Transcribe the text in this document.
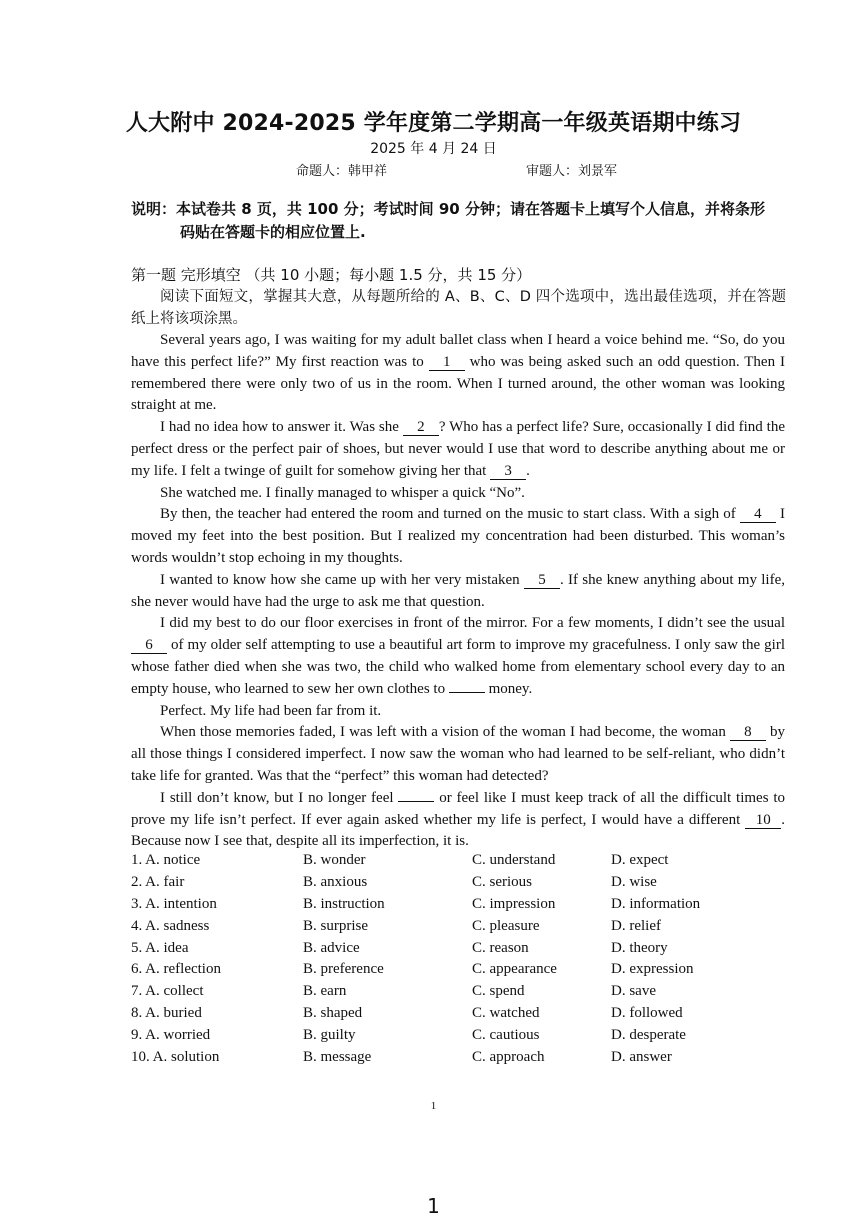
人大附中 2024-2025 学年度第二学期高一年级英语期中练习
2025 年 4 月 24 日
命题人：韩甲祥	审题人：刘景军
说明：本试卷共 8 页，共 100 分；考试时间 90 分钟；请在答题卡上填写个人信息，并将条形
码贴在答题卡的相应位置上.
第一题 完形填空 （共 10 小题；每小题 1.5 分，共 15 分）
阅读下面短文，掌握其大意，从每题所给的 A、B、C、D 四个选项中，选出最佳选项，并在答题纸上将该项涂黑。

Several years ago, I was waiting for my adult ballet class when I heard a voice behind me. “So, do you have this perfect life?” My first reaction was to 1 who was being asked such an odd question. Then I remembered there were only two of us in the room. When I turned around, the other woman was looking straight at me.

I had no idea how to answer it. Was she 2 ? Who has a perfect life? Sure, occasionally I did find the perfect dress or the perfect pair of shoes, but never would I use that word to describe anything about me or my life. I felt a twinge of guilt for somehow giving her that 3 .

She watched me. I finally managed to whisper a quick “No”.

By then, the teacher had entered the room and turned on the music to start class. With a sigh of 4 I moved my feet into the best position. But I realized my concentration had been disturbed. This woman’s words wouldn’t stop echoing in my thoughts.

I wanted to know how she came up with her very mistaken 5 . If she knew anything about my life, she never would have had the urge to ask me that question.

I did my best to do our floor exercises in front of the mirror. For a few moments, I didn’t see the usual 6 of my older self attempting to use a beautiful art form to improve my gracefulness. I only saw the girl whose father died when she was two, the child who walked home from elementary school every day to an empty house, who learned to sew her own clothes to	money.

Perfect. My life had been far from it.

When those memories faded, I was left with a vision of the woman I had become, the woman 8 by all those things I considered imperfect. I now saw the woman who had learned to be self-reliant, who didn’t take life for granted. Was that the “perfect” this woman had detected?

I still don’t know, but I no longer feel	or feel like I must keep track of all the difficult times to prove my life isn’t perfect. If ever again asked whether my life is perfect, I would have a different 10 . Because now I see that, despite all its imperfection, it is.

1. A. notice	B. wonder	C. understand	D. expect
2. A. fair	B. anxious	C. serious	D. wise
3. A. intention	B. instruction	C. impression	D. information
4. A. sadness	B. surprise	C. pleasure	D. relief
5. A. idea	B. advice	C. reason	D. theory
6. A. reflection	B. preference	C. appearance	D. expression
7. A. collect	B. earn	C. spend	D. save
8. A. buried	B. shaped	C. watched	D. followed
9. A. worried	B. guilty	C. cautious	D. desperate
10. A. solution	B. message	C. approach	D. answer
1
1
